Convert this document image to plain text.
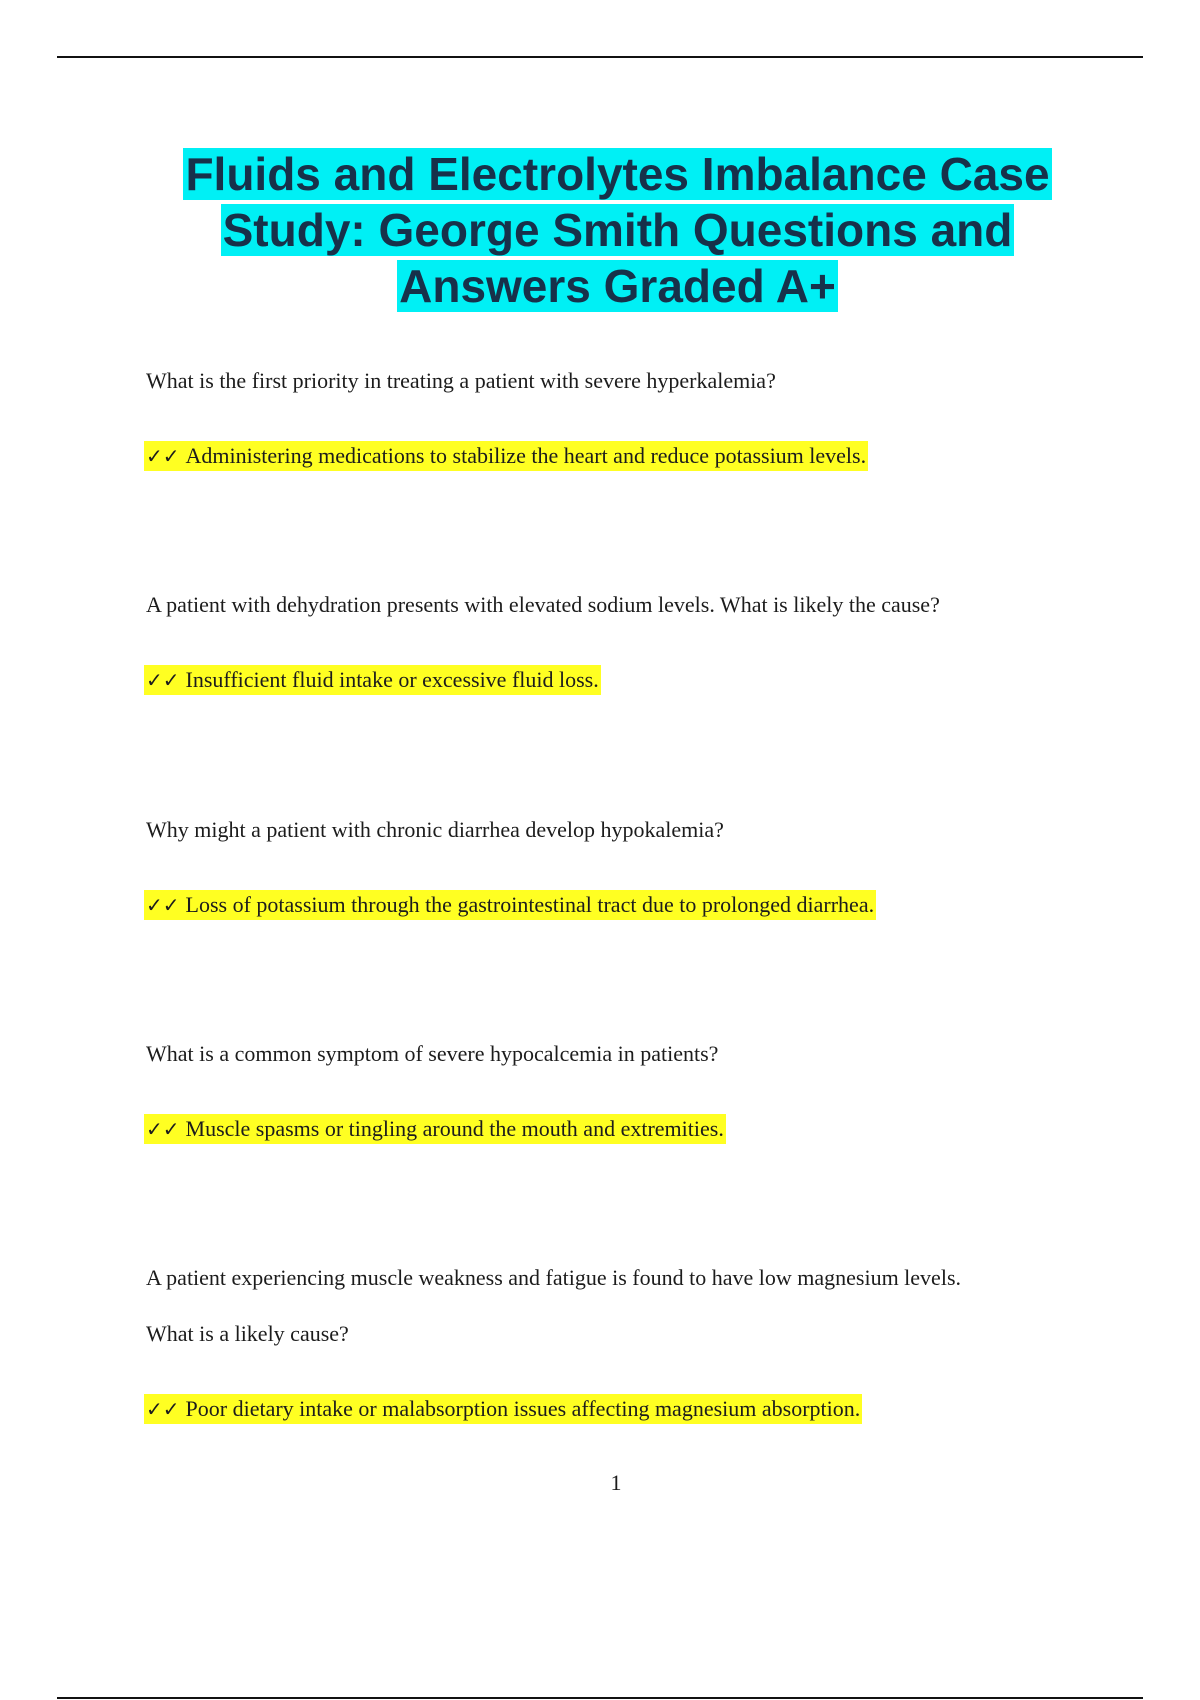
Fluids and Electrolytes Imbalance Case
Study: George Smith Questions and
Answers Graded A+
What is the first priority in treating a patient with severe hyperkalemia?
✓✓ Administering medications to stabilize the heart and reduce potassium levels.
A patient with dehydration presents with elevated sodium levels. What is likely the cause?
✓✓ Insufficient fluid intake or excessive fluid loss.
Why might a patient with chronic diarrhea develop hypokalemia?
✓✓ Loss of potassium through the gastrointestinal tract due to prolonged diarrhea.
What is a common symptom of severe hypocalcemia in patients?
✓✓ Muscle spasms or tingling around the mouth and extremities.
A patient experiencing muscle weakness and fatigue is found to have low magnesium levels.
What is a likely cause?
✓✓ Poor dietary intake or malabsorption issues affecting magnesium absorption.
1
